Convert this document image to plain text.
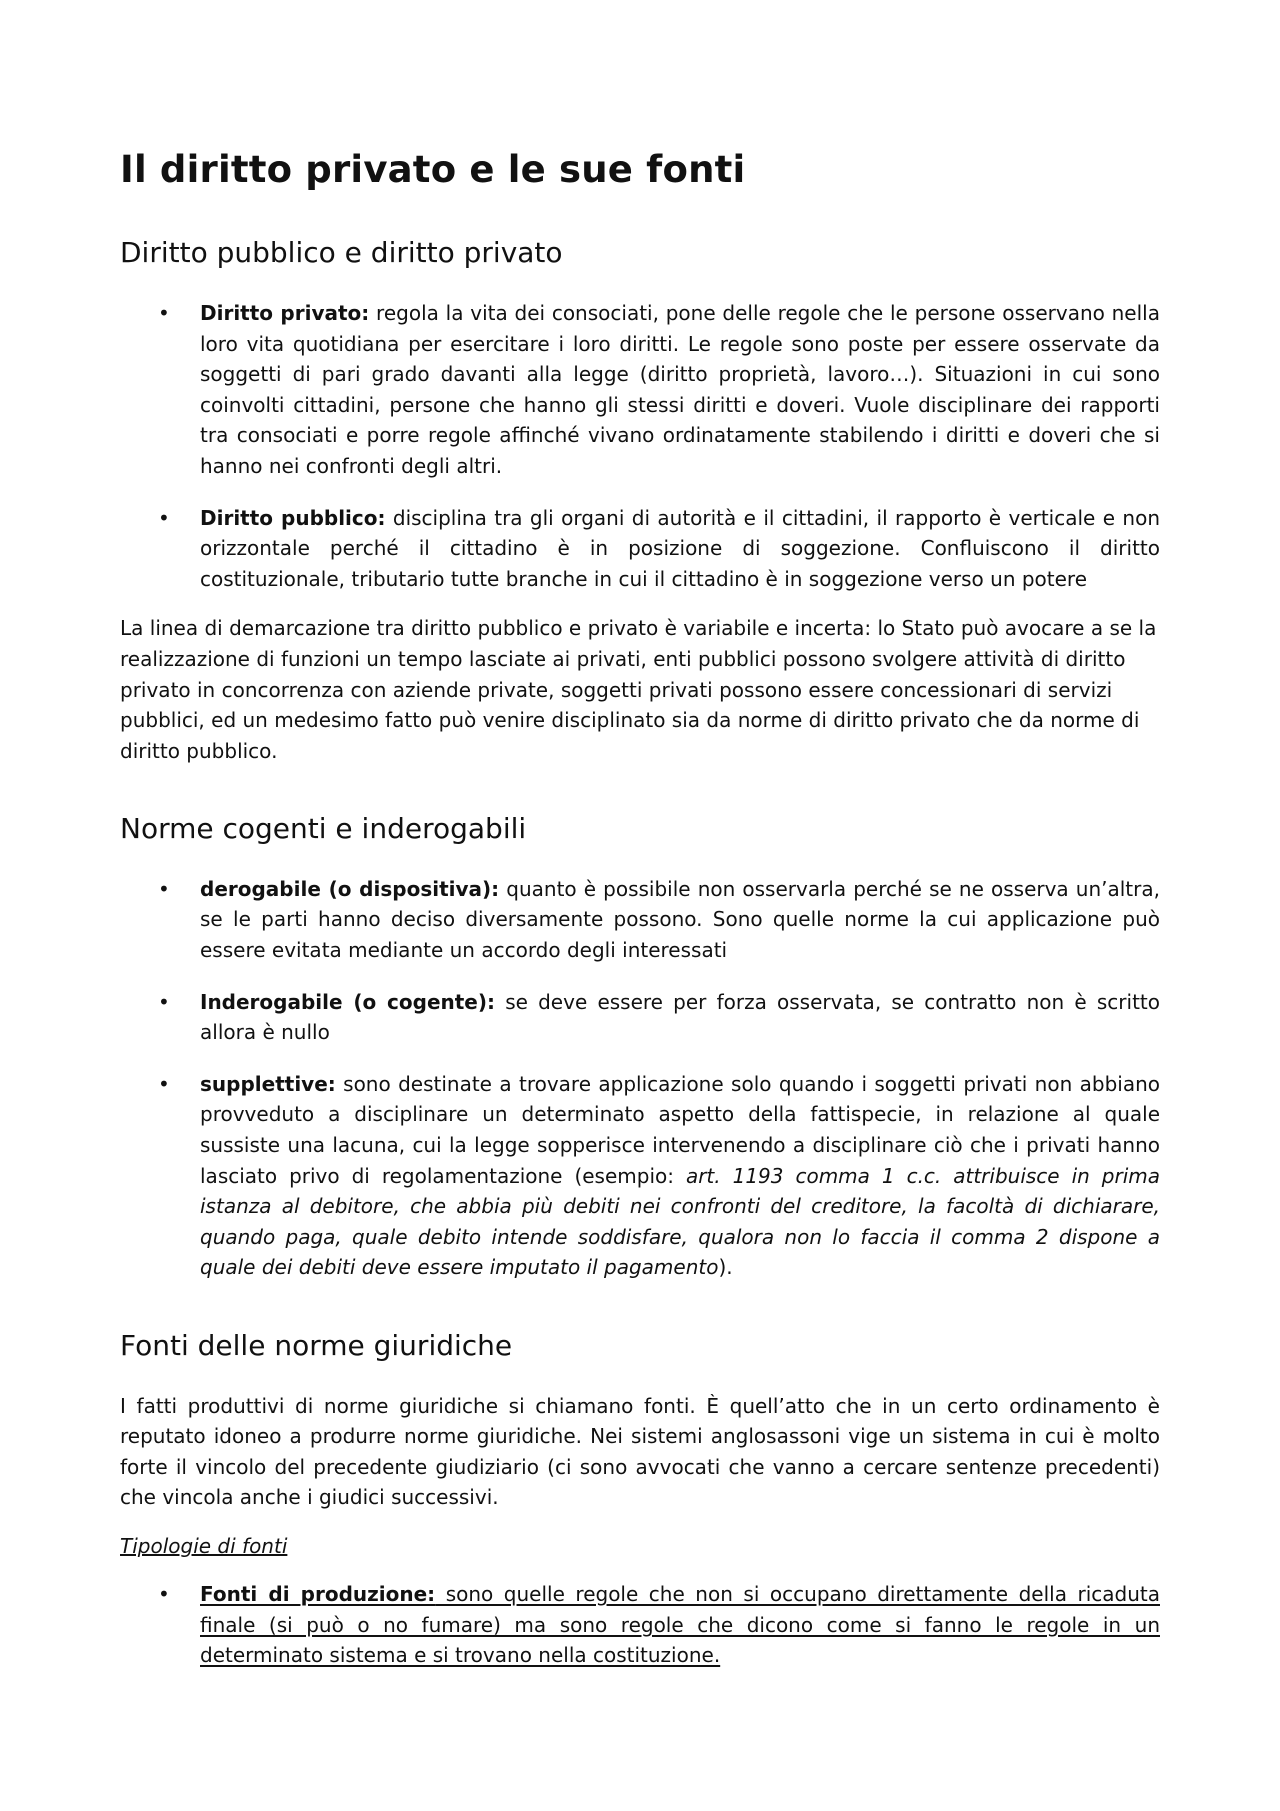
Il diritto privato e le sue fonti
Diritto pubblico e diritto privato
• Diritto privato: regola la vita dei consociati, pone delle regole che le persone osservano nella loro vita quotidiana per esercitare i loro diritti. Le regole sono poste per essere osservate da soggetti di pari grado davanti alla legge (diritto proprietà, lavoro…). Situazioni in cui sono coinvolti cittadini, persone che hanno gli stessi diritti e doveri. Vuole disciplinare dei rapporti tra consociati e porre regole affinché vivano ordinatamente stabilendo i diritti e doveri che si hanno nei confronti degli altri.
• Diritto pubblico: disciplina tra gli organi di autorità e il cittadini, il rapporto è verticale e non orizzontale perché il cittadino è in posizione di soggezione. Confluiscono il diritto costituzionale, tributario tutte branche in cui il cittadino è in soggezione verso un potere

La linea di demarcazione tra diritto pubblico e privato è variabile e incerta: lo Stato può avocare a se la realizzazione di funzioni un tempo lasciate ai privati, enti pubblici possono svolgere attività di diritto privato in concorrenza con aziende private, soggetti privati possono essere concessionari di servizi pubblici, ed un medesimo fatto può venire disciplinato sia da norme di diritto privato che da norme di diritto pubblico.

Norme cogenti e inderogabili
• derogabile (o dispositiva): quanto è possibile non osservarla perché se ne osserva un’altra, se le parti hanno deciso diversamente possono. Sono quelle norme la cui applicazione può essere evitata mediante un accordo degli interessati
• Inderogabile (o cogente): se deve essere per forza osservata, se contratto non è scritto allora è nullo
• supplettive: sono destinate a trovare applicazione solo quando i soggetti privati non abbiano provveduto a disciplinare un determinato aspetto della fattispecie, in relazione al quale sussiste una lacuna, cui la legge sopperisce intervenendo a disciplinare ciò che i privati hanno lasciato privo di regolamentazione (esempio: art. 1193 comma 1 c.c. attribuisce in prima istanza al debitore, che abbia più debiti nei confronti del creditore, la facoltà di dichiarare, quando paga, quale debito intende soddisfare, qualora non lo faccia il comma 2 dispone a quale dei debiti deve essere imputato il pagamento).
Fonti delle norme giuridiche

I fatti produttivi di norme giuridiche si chiamano fonti. È quell’atto che in un certo ordinamento è reputato idoneo a produrre norme giuridiche. Nei sistemi anglosassoni vige un sistema in cui è molto forte il vincolo del precedente giudiziario (ci sono avvocati che vanno a cercare sentenze precedenti) che vincola anche i giudici successivi.

Tipologie di fonti
• Fonti di produzione: sono quelle regole che non si occupano direttamente della ricaduta finale (si può o no fumare) ma sono regole che dicono come si fanno le regole in un determinato sistema e si trovano nella costituzione.
